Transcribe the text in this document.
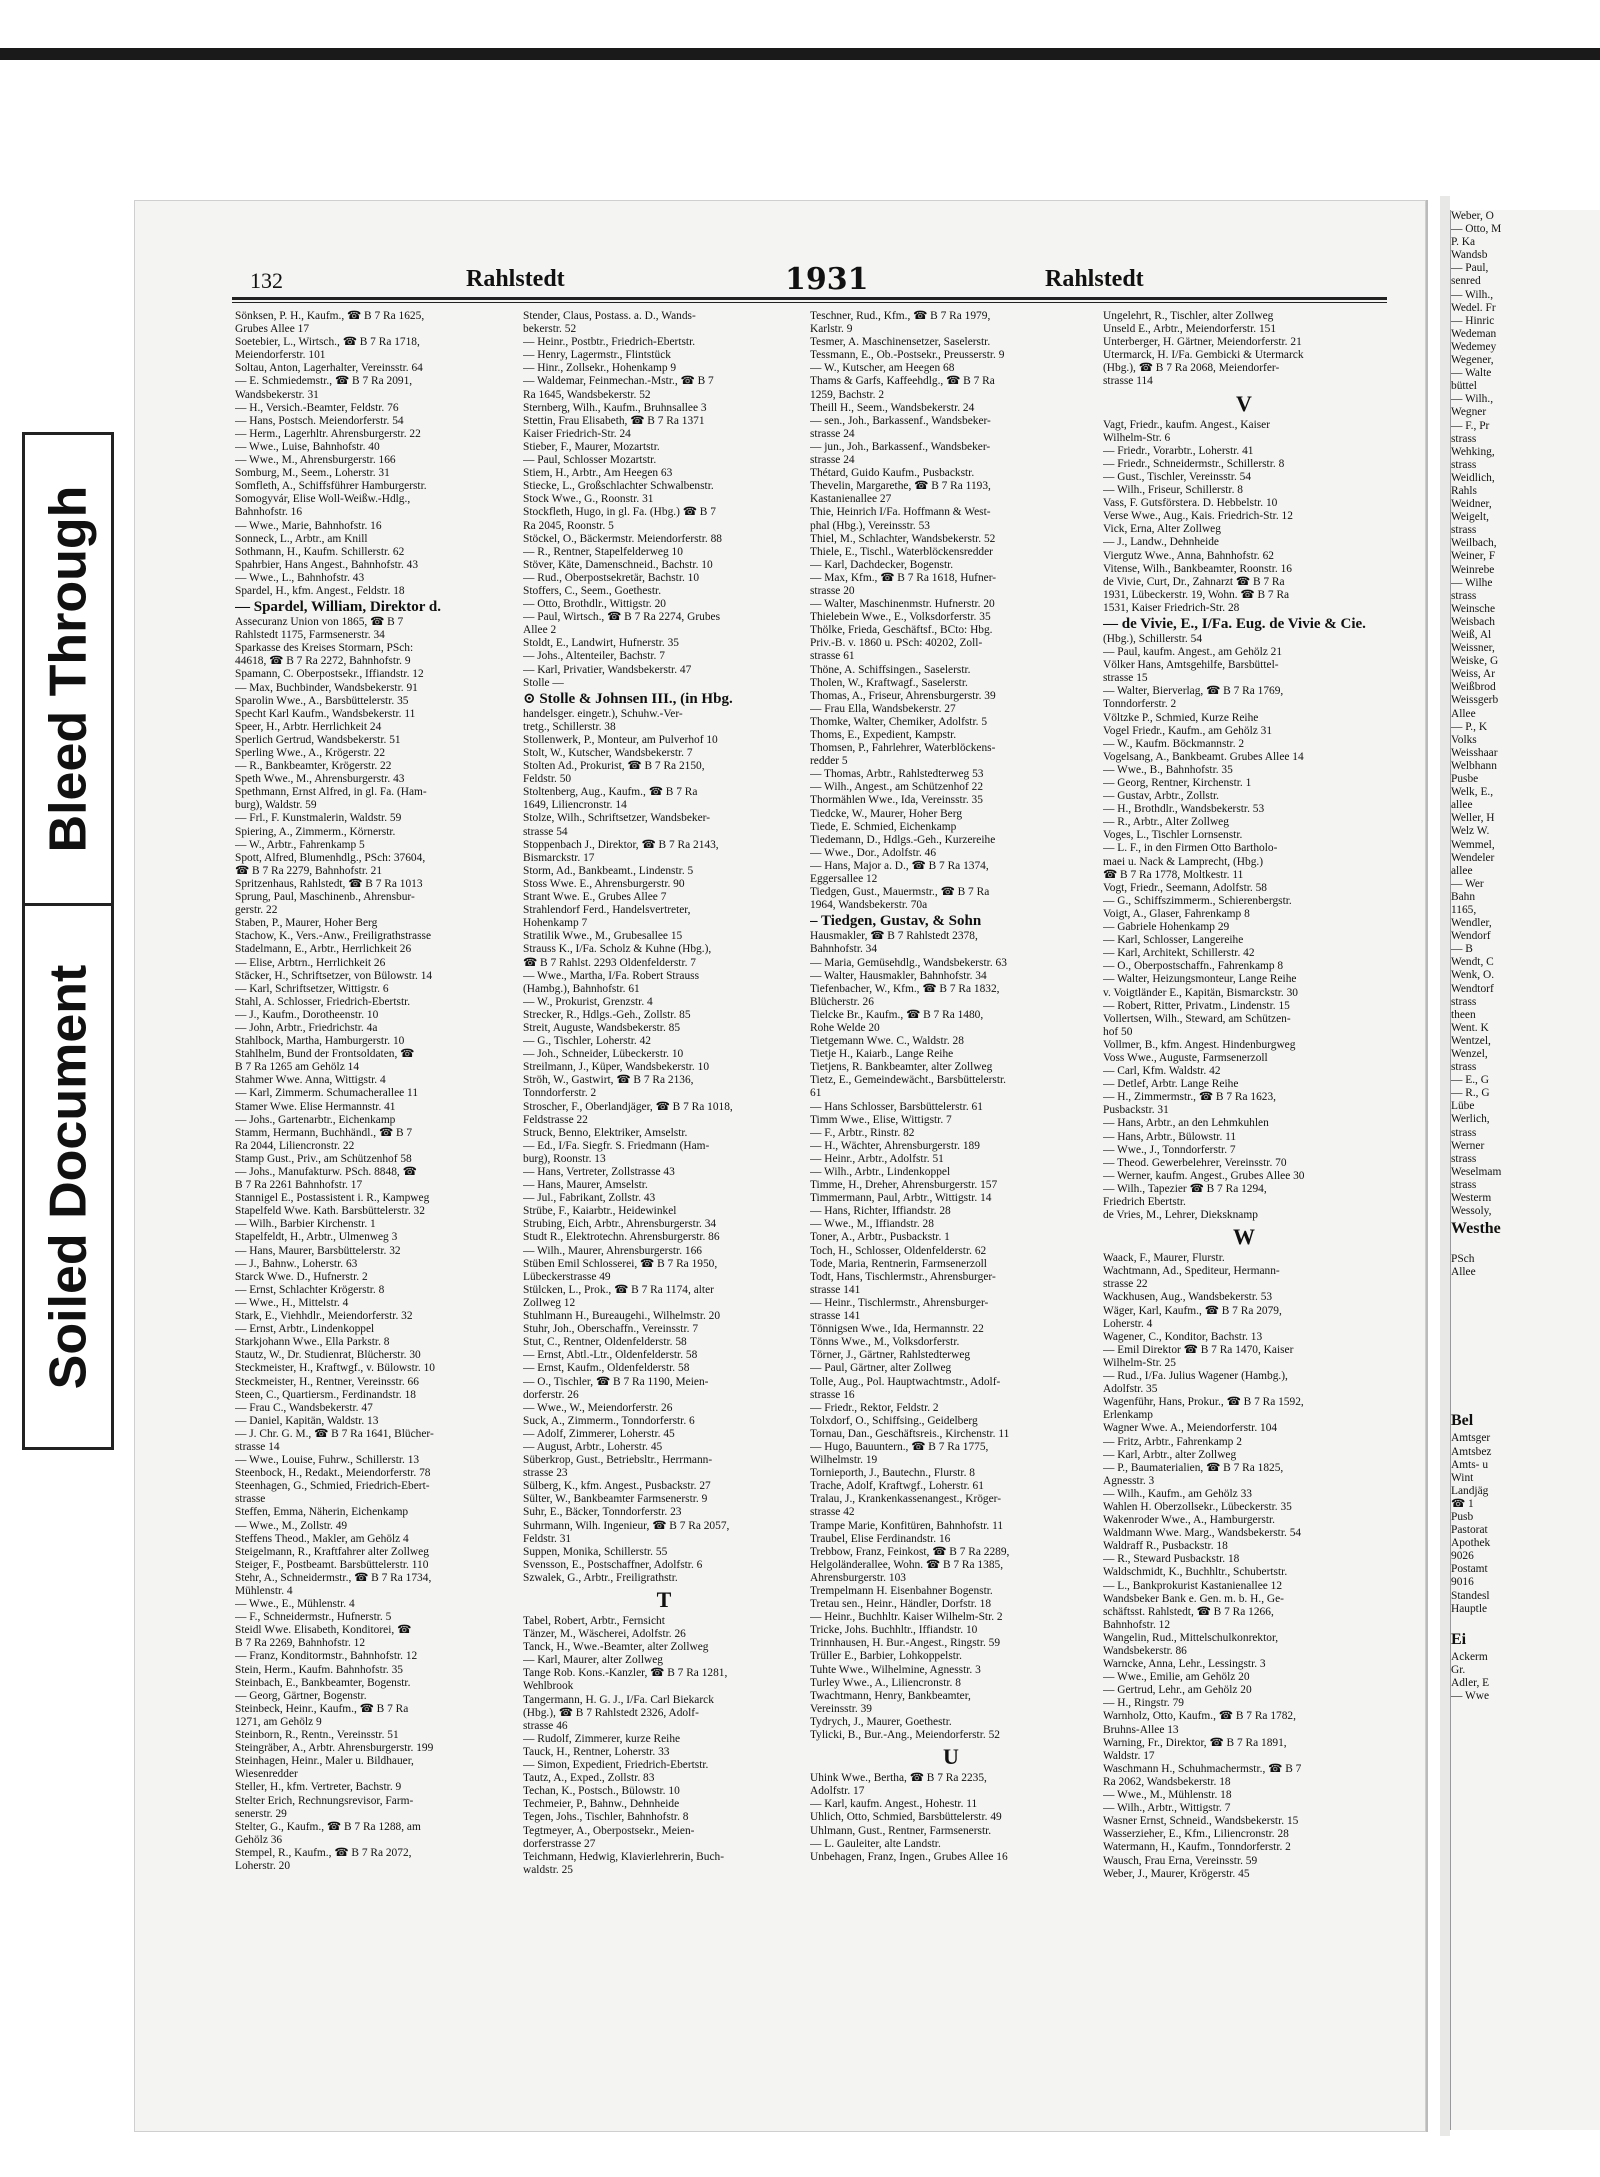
Bleed Through
Soiled Document
Weber, O
— Otto, M
P. Ka
Wandsb
— Paul,
senred
— Wilh.,
Wedel. Fr
— Hinric
Wedeman
Wedemey
Wegener,
— Walte
büttel
— Wilh.,
Wegner
— F., Pr
strass
Wehking,
strass
Weidlich,
Rahls
Weidner,
Weigelt,
strass
Weilbach,
Weiner, F
Weinrebe
— Wilhe
strass
Weinsche
Weisbach
Weiß, Al
Weissner,
Weiske, G
Weiss, Ar
Weißbrod
Weissgerb
Allee
— P., K
Volks
Weisshaar
Welbhann
Pusbe
Welk, E.,
allee
Weller, H
Welz W.
Wemmel,
Wendeler
allee
— Wer
Bahn
1165,
Wendler,
Wendorf
— B
Wendt, C
Wenk, O.
Wendtorf
strass
theen
Went. K
Wentzel,
Wenzel,
strass
— E., G
— R., G
Lübe
Werlich,
strass
Werner
strass
Weselmam
strass
Westerm
Wessoly,
Westhe

PSch
Allee

Bel
Amtsger
Amtsbez
Amts- u
Wint
Landjäg
☎ 1
Pusb
Pastorat
Apothek
9026
Postamt
9016
Standesl
Hauptle

Ei
Ackerm
Gr.
Adler, E
— Wwe
132	Rahlstedt	1931	Rahlstedt
Sönksen, P. H., Kaufm., ☎ B 7 Ra 1625,
Grubes Allee 17
Soetebier, L., Wirtsch., ☎ B 7 Ra 1718,
Meiendorferstr. 101
Soltau, Anton, Lagerhalter, Vereinsstr. 64
— E. Schmiedemstr., ☎ B 7 Ra 2091,
Wandsbekerstr. 31
— H., Versich.-Beamter, Feldstr. 76
— Hans, Postsch. Meiendorferstr. 54
— Herm., Lagerhltr. Ahrensburgerstr. 22
— Wwe., Luise, Bahnhofstr. 40
— Wwe., M., Ahrensburgerstr. 166
Somburg, M., Seem., Loherstr. 31
Somfleth, A., Schiffsführer Hamburgerstr.
Somogyvár, Elise Woll-Weißw.-Hdlg.,
Bahnhofstr. 16
— Wwe., Marie, Bahnhofstr. 16
Sonneck, L., Arbtr., am Knill
Sothmann, H., Kaufm. Schillerstr. 62
Spahrbier, Hans Angest., Bahnhofstr. 43
— Wwe., L., Bahnhofstr. 43
Spardel, H., kfm. Angest., Feldstr. 18
— Spardel, William, Direktor d.
Assecuranz Union von 1865, ☎ B 7
Rahlstedt 1175, Farmsenerstr. 34
Sparkasse des Kreises Stormarn, PSch:
44618, ☎ B 7 Ra 2272, Bahnhofstr. 9
Spamann, C. Oberpostsekr., Iffiandstr. 12
— Max, Buchbinder, Wandsbekerstr. 91
Sparolin Wwe., A., Barsbüttelerstr. 35
Specht Karl Kaufm., Wandsbekerstr. 11
Speer, H., Arbtr. Herrlichkeit 24
Sperlich Gertrud, Wandsbekerstr. 51
Sperling Wwe., A., Krögerstr. 22
— R., Bankbeamter, Krögerstr. 22
Speth Wwe., M., Ahrensburgerstr. 43
Spethmann, Ernst Alfred, in gl. Fa. (Ham-
burg), Waldstr. 59
— Frl., F. Kunstmalerin, Waldstr. 59
Spiering, A., Zimmerm., Körnerstr.
— W., Arbtr., Fahrenkamp 5
Spott, Alfred, Blumenhdlg., PSch: 37604,
☎ B 7 Ra 2279, Bahnhofstr. 21
Spritzenhaus, Rahlstedt, ☎ B 7 Ra 1013
Sprung, Paul, Maschinenb., Ahrensbur-
gerstr. 22
Staben, P., Maurer, Hoher Berg
Stachow, K., Vers.-Anw., Freiligrathstrasse
Stadelmann, E., Arbtr., Herrlichkeit 26
— Elise, Arbtrn., Herrlichkeit 26
Stäcker, H., Schriftsetzer, von Bülowstr. 14
— Karl, Schriftsetzer, Wittigstr. 6
Stahl, A. Schlosser, Friedrich-Ebertstr.
— J., Kaufm., Dorotheenstr. 10
— John, Arbtr., Friedrichstr. 4a
Stahlbock, Martha, Hamburgerstr. 10
Stahlhelm, Bund der Frontsoldaten, ☎
B 7 Ra 1265 am Gehölz 14
Stahmer Wwe. Anna, Wittigstr. 4
— Karl, Zimmerm. Schumacherallee 11
Stamer Wwe. Elise Hermannstr. 41
— Johs., Gartenarbtr., Eichenkamp
Stamm, Hermann, Buchhändl., ☎ B 7
Ra 2044, Liliencronstr. 22
Stamp Gust., Priv., am Schützenhof 58
— Johs., Manufakturw. PSch. 8848, ☎
B 7 Ra 2261 Bahnhofstr. 17
Stannigel E., Postassistent i. R., Kampweg
Stapelfeld Wwe. Kath. Barsbüttelerstr. 32
— Wilh., Barbier Kirchenstr. 1
Stapelfeldt, H., Arbtr., Ulmenweg 3
— Hans, Maurer, Barsbüttelerstr. 32
— J., Bahnw., Loherstr. 63
Starck Wwe. D., Hufnerstr. 2
— Ernst, Schlachter Krögerstr. 8
— Wwe., H., Mittelstr. 4
Stark, E., Viehhdlr., Meiendorferstr. 32
— Ernst, Arbtr., Lindenkoppel
Starkjohann Wwe., Ella Parkstr. 8
Stautz, W., Dr. Studienrat, Blücherstr. 30
Steckmeister, H., Kraftwgf., v. Bülowstr. 10
Steckmeister, H., Rentner, Vereinsstr. 66
Steen, C., Quartiersm., Ferdinandstr. 18
— Frau C., Wandsbekerstr. 47
— Daniel, Kapitän, Waldstr. 13
— J. Chr. G. M., ☎ B 7 Ra 1641, Blücher-
strasse 14
— Wwe., Louise, Fuhrw., Schillerstr. 13
Steenbock, H., Redakt., Meiendorferstr. 78
Steenhagen, G., Schmied, Friedrich-Ebert-
strasse
Steffen, Emma, Näherin, Eichenkamp
— Wwe., M., Zollstr. 49
Steffens Theod., Makler, am Gehölz 4
Steigelmann, R., Kraftfahrer alter Zollweg
Steiger, F., Postbeamt. Barsbüttelerstr. 110
Stehr, A., Schneidermstr., ☎ B 7 Ra 1734,
Mühlenstr. 4
— Wwe., E., Mühlenstr. 4
— F., Schneidermstr., Hufnerstr. 5
Steidl Wwe. Elisabeth, Konditorei, ☎
B 7 Ra 2269, Bahnhofstr. 12
— Franz, Konditormstr., Bahnhofstr. 12
Stein, Herm., Kaufm. Bahnhofstr. 35
Steinbach, E., Bankbeamter, Bogenstr.
— Georg, Gärtner, Bogenstr.
Steinbeck, Heinr., Kaufm., ☎ B 7 Ra
1271, am Gehölz 9
Steinborn, R., Rentn., Vereinsstr. 51
Steingräber, A., Arbtr. Ahrensburgerstr. 199
Steinhagen, Heinr., Maler u. Bildhauer,
Wiesenredder
Steller, H., kfm. Vertreter, Bachstr. 9
Stelter Erich, Rechnungsrevisor, Farm-
senerstr. 29
Stelter, G., Kaufm., ☎ B 7 Ra 1288, am
Gehölz 36
Stempel, R., Kaufm., ☎ B 7 Ra 2072,
Loherstr. 20
Stender, Claus, Postass. a. D., Wands-
bekerstr. 52
— Heinr., Postbtr., Friedrich-Ebertstr.
— Henry, Lagermstr., Flintstück
— Hinr., Zollsekr., Hohenkamp 9
— Waldemar, Feinmechan.-Mstr., ☎ B 7
Ra 1645, Wandsbekerstr. 52
Sternberg, Wilh., Kaufm., Bruhnsallee 3
Stettin, Frau Elisabeth, ☎ B 7 Ra 1371
Kaiser Friedrich-Str. 24
Stieber, F., Maurer, Mozartstr.
— Paul, Schlosser Mozartstr.
Stiem, H., Arbtr., Am Heegen 63
Stiecke, L., Großschlachter Schwalbenstr.
Stock Wwe., G., Roonstr. 31
Stockfleth, Hugo, in gl. Fa. (Hbg.) ☎ B 7
Ra 2045, Roonstr. 5
Stöckel, O., Bäckermstr. Meiendorferstr. 88
— R., Rentner, Stapelfelderweg 10
Stöver, Käte, Damenschneid., Bachstr. 10
— Rud., Oberpostsekretär, Bachstr. 10
Stoffers, C., Seem., Goethestr.
— Otto, Brothdlr., Wittigstr. 20
— Paul, Wirtsch., ☎ B 7 Ra 2274, Grubes
Allee 2
Stoldt, E., Landwirt, Hufnerstr. 35
— Johs., Altenteiler, Bachstr. 7
— Karl, Privatier, Wandsbekerstr. 47
Stolle —
⊙ Stolle & Johnsen III., (in Hbg.
handelsger. eingetr.), Schuhw.-Ver-
tretg., Schillerstr. 38
Stollenwerk, P., Monteur, am Pulverhof 10
Stolt, W., Kutscher, Wandsbekerstr. 7
Stolten Ad., Prokurist, ☎ B 7 Ra 2150,
Feldstr. 50
Stoltenberg, Aug., Kaufm., ☎ B 7 Ra
1649, Liliencronstr. 14
Stolze, Wilh., Schriftsetzer, Wandsbeker-
strasse 54
Stoppenbach J., Direktor, ☎ B 7 Ra 2143,
Bismarckstr. 17
Storm, Ad., Bankbeamt., Lindenstr. 5
Stoss Wwe. E., Ahrensburgerstr. 90
Strant Wwe. E., Grubes Allee 7
Strahlendorf Ferd., Handelsvertreter,
Hohenkamp 7
Stratilik Wwe., M., Grubesallee 15
Strauss K., I/Fa. Scholz & Kuhne (Hbg.),
☎ B 7 Rahlst. 2293 Oldenfelderstr. 7
— Wwe., Martha, I/Fa. Robert Strauss
(Hambg.), Bahnhofstr. 61
— W., Prokurist, Grenzstr. 4
Strecker, R., Hdlgs.-Geh., Zollstr. 85
Streit, Auguste, Wandsbekerstr. 85
— G., Tischler, Loherstr. 42
— Joh., Schneider, Lübeckerstr. 10
Streilmann, J., Küper, Wandsbekerstr. 10
Ströh, W., Gastwirt, ☎ B 7 Ra 2136,
Tonndorferstr. 2
Stroscher, F., Oberlandjäger, ☎ B 7 Ra 1018,
Feldstrasse 22
Struck, Benno, Elektriker, Amselstr.
— Ed., I/Fa. Siegfr. S. Friedmann (Ham-
burg), Roonstr. 13
— Hans, Vertreter, Zollstrasse 43
— Hans, Maurer, Amselstr.
— Jul., Fabrikant, Zollstr. 43
Strübe, F., Kaiarbtr., Heidewinkel
Strubing, Eich, Arbtr., Ahrensburgerstr. 34
Studt R., Elektrotechn. Ahrensburgerstr. 86
— Wilh., Maurer, Ahrensburgerstr. 166
Stüben Emil Schlosserei, ☎ B 7 Ra 1950,
Lübeckerstrasse 49
Stülcken, L., Prok., ☎ B 7 Ra 1174, alter
Zollweg 12
Stuhlmann H., Bureaugehi., Wilhelmstr. 20
Stuhr, Joh., Oberschaffn., Vereinsstr. 7
Stut, C., Rentner, Oldenfelderstr. 58
— Ernst, Abtl.-Ltr., Oldenfelderstr. 58
— Ernst, Kaufm., Oldenfelderstr. 58
— O., Tischler, ☎ B 7 Ra 1190, Meien-
dorferstr. 26
— Wwe., W., Meiendorferstr. 26
Suck, A., Zimmerm., Tonndorferstr. 6
— Adolf, Zimmerer, Loherstr. 45
— August, Arbtr., Loherstr. 45
Süberkrop, Gust., Betriebsltr., Herrmann-
strasse 23
Sülberg, K., kfm. Angest., Pusbackstr. 27
Sülter, W., Bankbeamter Farmsenerstr. 9
Suhr, E., Bäcker, Tonndorferstr. 23
Suhrmann, Wilh. Ingenieur, ☎ B 7 Ra 2057,
Feldstr. 31
Suppen, Monika, Schillerstr. 55
Svensson, E., Postschaffner, Adolfstr. 6
Szwalek, G., Arbtr., Freiligrathstr.
T
Tabel, Robert, Arbtr., Fernsicht
Tänzer, M., Wäscherei, Adolfstr. 26
Tanck, H., Wwe.-Beamter, alter Zollweg
— Karl, Maurer, alter Zollweg
Tange Rob. Kons.-Kanzler, ☎ B 7 Ra 1281,
Wehlbrook
Tangermann, H. G. J., I/Fa. Carl Biekarck
(Hbg.), ☎ B 7 Rahlstedt 2326, Adolf-
strasse 46
— Rudolf, Zimmerer, kurze Reihe
Tauck, H., Rentner, Loherstr. 33
— Simon, Expedient, Friedrich-Ebertstr.
Tautz, A., Exped., Zollstr. 83
Techan, K., Postsch., Bülowstr. 10
Techmeier, P., Bahnw., Dehnheide
Tegen, Johs., Tischler, Bahnhofstr. 8
Tegtmeyer, A., Oberpostsekr., Meien-
dorferstrasse 27
Teichmann, Hedwig, Klavierlehrerin, Buch-
waldstr. 25
Teschner, Rud., Kfm., ☎ B 7 Ra 1979,
Karlstr. 9
Tesmer, A. Maschinensetzer, Saselerstr.
Tessmann, E., Ob.-Postsekr., Preusserstr. 9
— W., Kutscher, am Heegen 68
Thams & Garfs, Kaffeehdlg., ☎ B 7 Ra
1259, Bachstr. 2
Theill H., Seem., Wandsbekerstr. 24
— sen., Joh., Barkassenf., Wandsbeker-
strasse 24
— jun., Joh., Barkassenf., Wandsbeker-
strasse 24
Thétard, Guido Kaufm., Pusbackstr.
Thevelin, Margarethe, ☎ B 7 Ra 1193,
Kastanienallee 27
Thie, Heinrich I/Fa. Hoffmann & West-
phal (Hbg.), Vereinsstr. 53
Thiel, M., Schlachter, Wandsbekerstr. 52
Thiele, E., Tischl., Waterblöckensredder
— Karl, Dachdecker, Bogenstr.
— Max, Kfm., ☎ B 7 Ra 1618, Hufner-
strasse 20
— Walter, Maschinenmstr. Hufnerstr. 20
Thielebein Wwe., E., Volksdorferstr. 35
Thölke, Frieda, Geschäftsf., BCto: Hbg.
Priv.-B. v. 1860 u. PSch: 40202, Zoll-
strasse 61
Thöne, A. Schiffsingen., Saselerstr.
Tholen, W., Kraftwagf., Saselerstr.
Thomas, A., Friseur, Ahrensburgerstr. 39
— Frau Ella, Wandsbekerstr. 27
Thomke, Walter, Chemiker, Adolfstr. 5
Thoms, E., Expedient, Kampstr.
Thomsen, P., Fahrlehrer, Waterblöckens-
redder 5
— Thomas, Arbtr., Rahlstedterweg 53
— Wilh., Angest., am Schützenhof 22
Thormählen Wwe., Ida, Vereinsstr. 35
Tiedcke, W., Maurer, Hoher Berg
Tiede, E. Schmied, Eichenkamp
Tiedemann, D., Hdlgs.-Geh., Kurzereihe
— Wwe., Dor., Adolfstr. 46
— Hans, Major a. D., ☎ B 7 Ra 1374,
Eggersallee 12
Tiedgen, Gust., Mauermstr., ☎ B 7 Ra
1964, Wandsbekerstr. 70a
– Tiedgen, Gustav, & Sohn
Hausmakler, ☎ B 7 Rahlstedt 2378,
Bahnhofstr. 34
— Maria, Gemüsehdlg., Wandsbekerstr. 63
— Walter, Hausmakler, Bahnhofstr. 34
Tiefenbacher, W., Kfm., ☎ B 7 Ra 1832,
Blücherstr. 26
Tielcke Br., Kaufm., ☎ B 7 Ra 1480,
Rohe Welde 20
Tietgemann Wwe. C., Waldstr. 28
Tietje H., Kaiarb., Lange Reihe
Tietjens, R. Bankbeamter, alter Zollweg
Tietz, E., Gemeindewächt., Barsbüttelerstr.
61
— Hans Schlosser, Barsbüttelerstr. 61
Timm Wwe., Elise, Wittigstr. 7
— F., Arbtr., Rinstr. 82
— H., Wächter, Ahrensburgerstr. 189
— Heinr., Arbtr., Adolfstr. 51
— Wilh., Arbtr., Lindenkoppel
Timme, H., Dreher, Ahrensburgerstr. 157
Timmermann, Paul, Arbtr., Wittigstr. 14
— Hans, Richter, Iffiandstr. 28
— Wwe., M., Iffiandstr. 28
Toner, A., Arbtr., Pusbackstr. 1
Toch, H., Schlosser, Oldenfelderstr. 62
Tode, Maria, Rentnerin, Farmsenerzoll
Todt, Hans, Tischlermstr., Ahrensburger-
strasse 141
— Heinr., Tischlermstr., Ahrensburger-
strasse 141
Tönnigsen Wwe., Ida, Hermannstr. 22
Tönns Wwe., M., Volksdorferstr.
Törner, J., Gärtner, Rahlstedterweg
— Paul, Gärtner, alter Zollweg
Tolle, Aug., Pol. Hauptwachtmstr., Adolf-
strasse 16
— Friedr., Rektor, Feldstr. 2
Tolxdorf, O., Schiffsing., Geidelberg
Tornau, Dan., Geschäftsreis., Kirchenstr. 11
— Hugo, Bauuntern., ☎ B 7 Ra 1775,
Wilhelmstr. 19
Tornieporth, J., Bautechn., Flurstr. 8
Trache, Adolf, Kraftwgf., Loherstr. 61
Tralau, J., Krankenkassenangest., Kröger-
strasse 42
Trampe Marie, Konfitüren, Bahnhofstr. 11
Traubel, Elise Ferdinandstr. 16
Trebbow, Franz, Feinkost, ☎ B 7 Ra 2289,
Helgoländerallee, Wohn. ☎ B 7 Ra 1385,
Ahrensburgerstr. 103
Trempelmann H. Eisenbahner Bogenstr.
Tretau sen., Heinr., Händler, Dorfstr. 18
— Heinr., Buchhltr. Kaiser Wilhelm-Str. 2
Tricke, Johs. Buchhltr., Iffiandstr. 10
Trinnhausen, H. Bur.-Angest., Ringstr. 59
Trüller E., Barbier, Lohkoppelstr.
Tuhte Wwe., Wilhelmine, Agnesstr. 3
Turley Wwe., A., Liliencronstr. 8
Twachtmann, Henry, Bankbeamter,
Vereinsstr. 39
Tydrych, J., Maurer, Goethestr.
Tylicki, B., Bur.-Ang., Meiendorferstr. 52
U
Uhink Wwe., Bertha, ☎ B 7 Ra 2235,
Adolfstr. 17
— Karl, kaufm. Angest., Hohestr. 11
Uhlich, Otto, Schmied, Barsbüttelerstr. 49
Uhlmann, Gust., Rentner, Farmsenerstr.
— L. Gauleiter, alte Landstr.
Unbehagen, Franz, Ingen., Grubes Allee 16
Ungelehrt, R., Tischler, alter Zollweg
Unseld E., Arbtr., Meiendorferstr. 151
Unterberger, H. Gärtner, Meiendorferstr. 21
Utermarck, H. I/Fa. Gembicki & Utermarck
(Hbg.), ☎ B 7 Ra 2068, Meiendorfer-
strasse 114
V
Vagt, Friedr., kaufm. Angest., Kaiser
Wilhelm-Str. 6
— Friedr., Vorarbtr., Loherstr. 41
— Friedr., Schneidermstr., Schillerstr. 8
— Gust., Tischler, Vereinsstr. 54
— Wilh., Friseur, Schillerstr. 8
Vass, F. Gutsförstera. D. Hebbelstr. 10
Verse Wwe., Aug., Kais. Friedrich-Str. 12
Vick, Erna, Alter Zollweg
— J., Landw., Dehnheide
Viergutz Wwe., Anna, Bahnhofstr. 62
Vitense, Wilh., Bankbeamter, Roonstr. 16
de Vivie, Curt, Dr., Zahnarzt ☎ B 7 Ra
1931, Lübeckerstr. 19, Wohn. ☎ B 7 Ra
1531, Kaiser Friedrich-Str. 28
— de Vivie, E., I/Fa. Eug. de Vivie & Cie.
(Hbg.), Schillerstr. 54
— Paul, kaufm. Angest., am Gehölz 21
Völker Hans, Amtsgehilfe, Barsbüttel-
strasse 15
— Walter, Bierverlag, ☎ B 7 Ra 1769,
Tonndorferstr. 2
Völtzke P., Schmied, Kurze Reihe
Vogel Friedr., Kaufm., am Gehölz 31
— W., Kaufm. Böckmannstr. 2
Vogelsang, A., Bankbeamt. Grubes Allee 14
— Wwe., B., Bahnhofstr. 35
— Georg, Rentner, Kirchenstr. 1
— Gustav, Arbtr., Zollstr.
— H., Brothdlr., Wandsbekerstr. 53
— R., Arbtr., Alter Zollweg
Voges, L., Tischler Lornsenstr.
— L. F., in den Firmen Otto Bartholo-
maei u. Nack & Lamprecht, (Hbg.)
☎ B 7 Ra 1778, Moltkestr. 11
Vogt, Friedr., Seemann, Adolfstr. 58
— G., Schiffszimmerm., Schierenbergstr.
Voigt, A., Glaser, Fahrenkamp 8
— Gabriele Hohenkamp 29
— Karl, Schlosser, Langereihe
— Karl, Architekt, Schillerstr. 42
— O., Oberpostschaffn., Fahrenkamp 8
— Walter, Heizungsmonteur, Lange Reihe
v. Voigtländer E., Kapitän, Bismarckstr. 30
— Robert, Ritter, Privatm., Lindenstr. 15
Vollertsen, Wilh., Steward, am Schützen-
hof 50
Vollmer, B., kfm. Angest. Hindenburgweg
Voss Wwe., Auguste, Farmsenerzoll
— Carl, Kfm. Waldstr. 42
— Detlef, Arbtr. Lange Reihe
— H., Zimmermstr., ☎ B 7 Ra 1623,
Pusbackstr. 31
— Hans, Arbtr., an den Lehmkuhlen
— Hans, Arbtr., Bülowstr. 11
— Wwe., J., Tonndorferstr. 7
— Theod. Gewerbelehrer, Vereinsstr. 70
— Werner, kaufm. Angest., Grubes Allee 30
— Wilh., Tapezier ☎ B 7 Ra 1294,
Friedrich Ebertstr.
de Vries, M., Lehrer, Dieksknamp
W
Waack, F., Maurer, Flurstr.
Wachtmann, Ad., Spediteur, Hermann-
strasse 22
Wackhusen, Aug., Wandsbekerstr. 53
Wäger, Karl, Kaufm., ☎ B 7 Ra 2079,
Loherstr. 4
Wagener, C., Konditor, Bachstr. 13
— Emil Direktor ☎ B 7 Ra 1470, Kaiser
Wilhelm-Str. 25
— Rud., I/Fa. Julius Wagener (Hambg.),
Adolfstr. 35
Wagenführ, Hans, Prokur., ☎ B 7 Ra 1592,
Erlenkamp
Wagner Wwe. A., Meiendorferstr. 104
— Fritz, Arbtr., Fahrenkamp 2
— Karl, Arbtr., alter Zollweg
— P., Baumaterialien, ☎ B 7 Ra 1825,
Agnesstr. 3
— Wilh., Kaufm., am Gehölz 33
Wahlen H. Oberzollsekr., Lübeckerstr. 35
Wakenroder Wwe., A., Hamburgerstr.
Waldmann Wwe. Marg., Wandsbekerstr. 54
Waldraff R., Pusbackstr. 18
— R., Steward Pusbackstr. 18
Waldschmidt, K., Buchhltr., Schubertstr.
— L., Bankprokurist Kastanienallee 12
Wandsbeker Bank e. Gen. m. b. H., Ge-
schäftsst. Rahlstedt, ☎ B 7 Ra 1266,
Bahnhofstr. 12
Wangelin, Rud., Mittelschulkonrektor,
Wandsbekerstr. 86
Warncke, Anna, Lehr., Lessingstr. 3
— Wwe., Emilie, am Gehölz 20
— Gertrud, Lehr., am Gehölz 20
— H., Ringstr. 79
Warnholz, Otto, Kaufm., ☎ B 7 Ra 1782,
Bruhns-Allee 13
Warning, Fr., Direktor, ☎ B 7 Ra 1891,
Waldstr. 17
Waschmann H., Schuhmachermstr., ☎ B 7
Ra 2062, Wandsbekerstr. 18
— Wwe., M., Mühlenstr. 18
— Wilh., Arbtr., Wittigstr. 7
Wasner Ernst, Schneid., Wandsbekerstr. 15
Wasserzieher, E., Kfm., Liliencronstr. 28
Watermann, H., Kaufm., Tonndorferstr. 2
Wausch, Frau Erna, Vereinsstr. 59
Weber, J., Maurer, Krögerstr. 45
